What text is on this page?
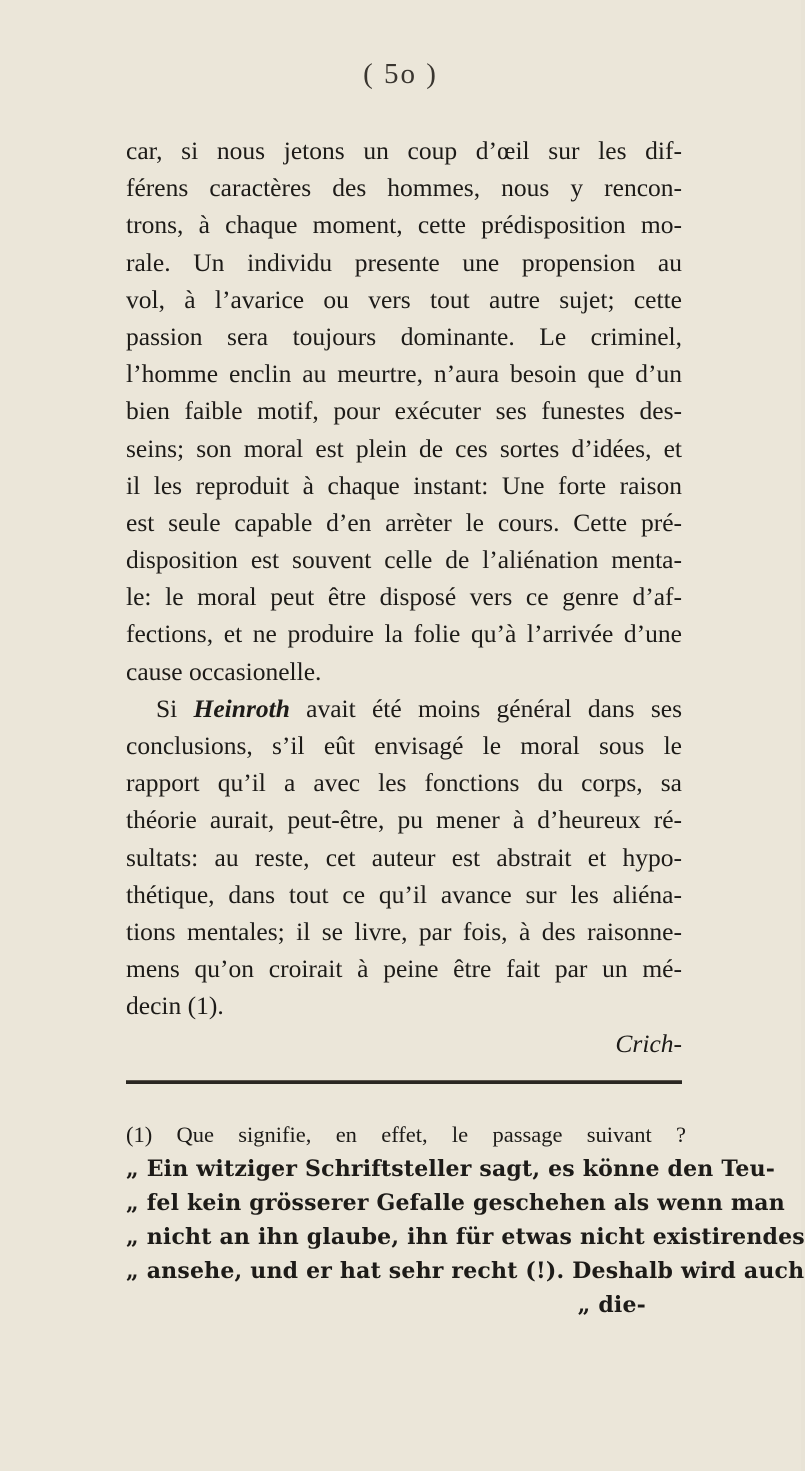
( 5o )
car, si nous jetons un coup d’œil sur les dif-
férens caractères des hommes, nous y rencon-
trons, à chaque moment, cette prédisposition mo-
rale. Un individu presente une propension au
vol, à l’avarice ou vers tout autre sujet; cette
passion sera toujours dominante. Le criminel,
l’homme enclin au meurtre, n’aura besoin que d’un
bien faible motif, pour exécuter ses funestes des-
seins; son moral est plein de ces sortes d’idées, et
il les reproduit à chaque instant: Une forte raison
est seule capable d’en arrèter le cours. Cette pré-
disposition est souvent celle de l’aliénation menta-
le: le moral peut être disposé vers ce genre d’af-
fections, et ne produire la folie qu’à l’arrivée d’une
cause occasionelle.
Si Heinroth avait été moins général dans ses
conclusions, s’il eût envisagé le moral sous le
rapport qu’il a avec les fonctions du corps, sa
théorie aurait, peut-être, pu mener à d’heureux ré-
sultats: au reste, cet auteur est abstrait et hypo-
thétique, dans tout ce qu’il avance sur les aliéna-
tions mentales; il se livre, par fois, à des raisonne-
mens qu’on croirait à peine être fait par un mé-
decin (1).
Crich-
(1) Que signifie, en effet, le passage suivant ?
„ Ein witziger Schriftsteller sagt, es könne den Teu-
„ fel kein grösserer Gefalle geschehen als wenn man
„ nicht an ihn glaube, ihn für etwas nicht existirendes
„ ansehe, und er hat sehr recht (!). Deshalb wird auch
„ die-
